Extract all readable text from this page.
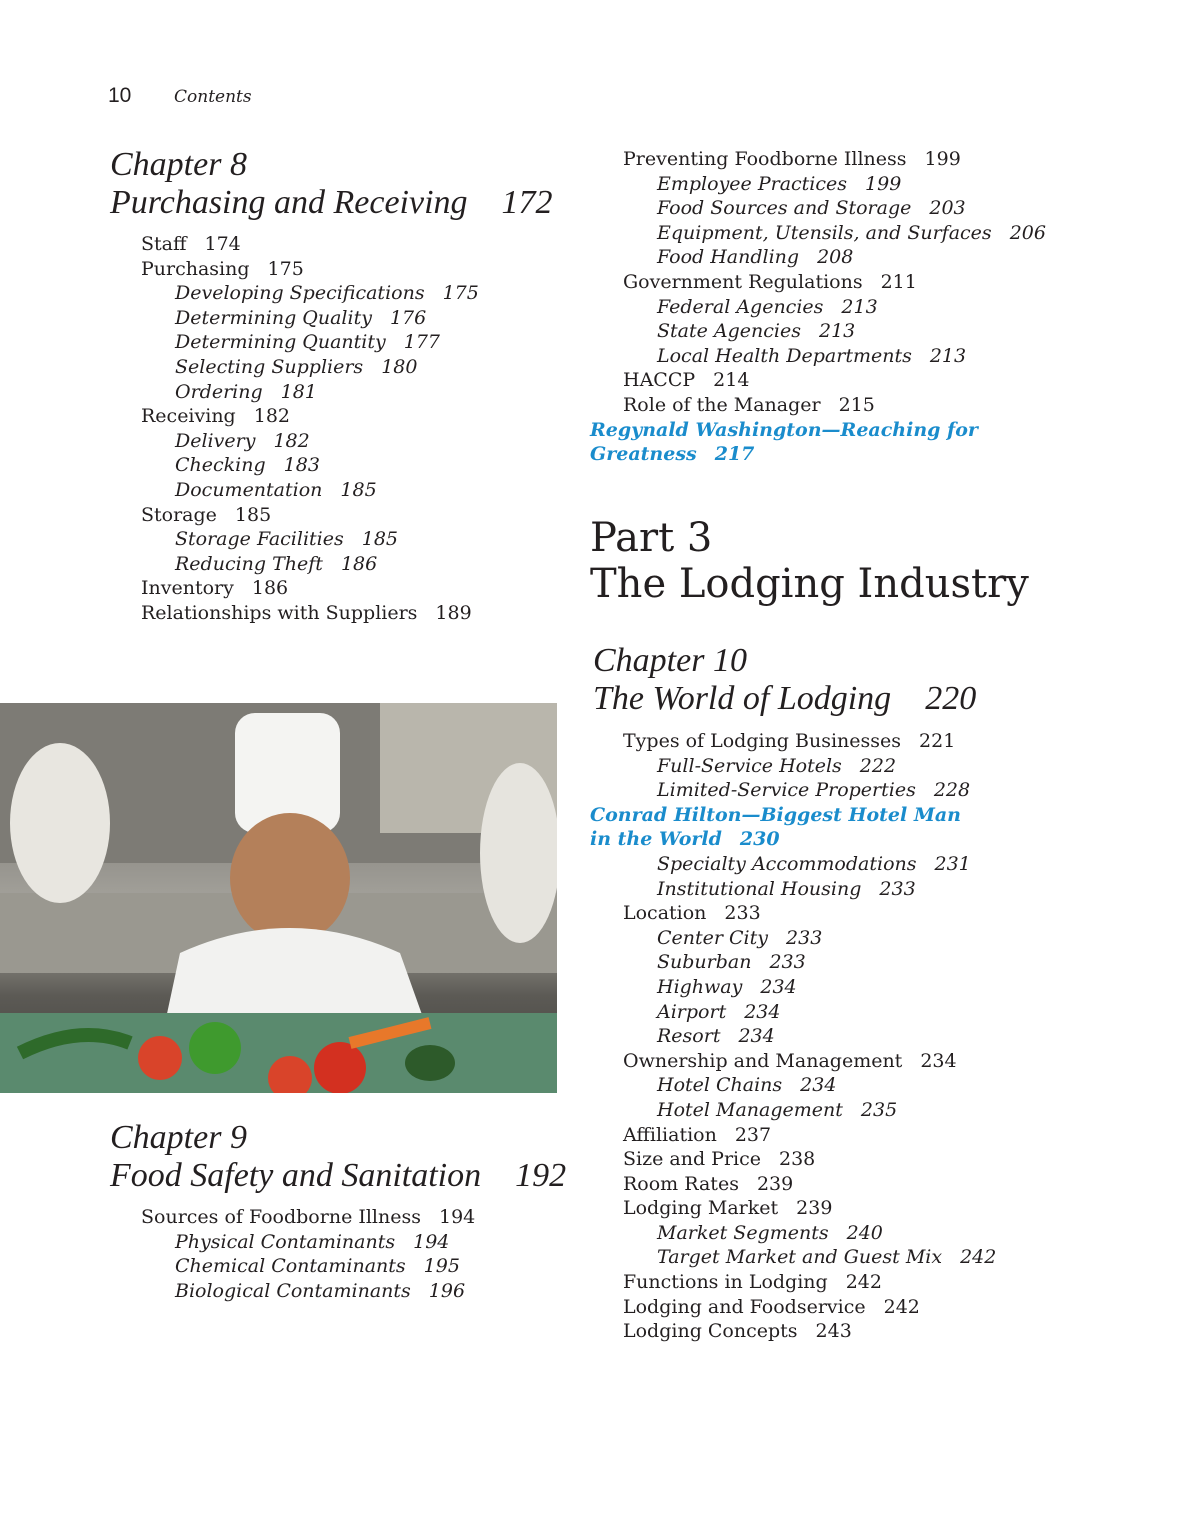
10	Contents
Chapter 8
Purchasing and Receiving 172
Staff 174
Purchasing 175
Developing Specifications 175
Determining Quality 176
Determining Quantity 177
Selecting Suppliers 180
Ordering 181
Receiving 182
Delivery 182
Checking 183
Documentation 185
Storage 185
Storage Facilities 185
Reducing Theft 186
Inventory 186
Relationships with Suppliers 189
Chapter 9
Food Safety and Sanitation 192
Sources of Foodborne Illness 194
Physical Contaminants 194
Chemical Contaminants 195
Biological Contaminants 196
Preventing Foodborne Illness 199
Employee Practices 199
Food Sources and Storage 203
Equipment, Utensils, and Surfaces 206
Food Handling 208
Government Regulations 211
Federal Agencies 213
State Agencies 213
Local Health Departments 213
HACCP 214
Role of the Manager 215
Regynald Washington—Reaching for
Greatness 217
Part 3
The Lodging Industry
Chapter 10
The World of Lodging 220
Types of Lodging Businesses 221
Full-Service Hotels 222
Limited-Service Properties 228
Conrad Hilton—Biggest Hotel Man
in the World 230
Specialty Accommodations 231
Institutional Housing 233
Location 233
Center City 233
Suburban 233
Highway 234
Airport 234
Resort 234
Ownership and Management 234
Hotel Chains 234
Hotel Management 235
Affiliation 237
Size and Price 238
Room Rates 239
Lodging Market 239
Market Segments 240
Target Market and Guest Mix 242
Functions in Lodging 242
Lodging and Foodservice 242
Lodging Concepts 243
